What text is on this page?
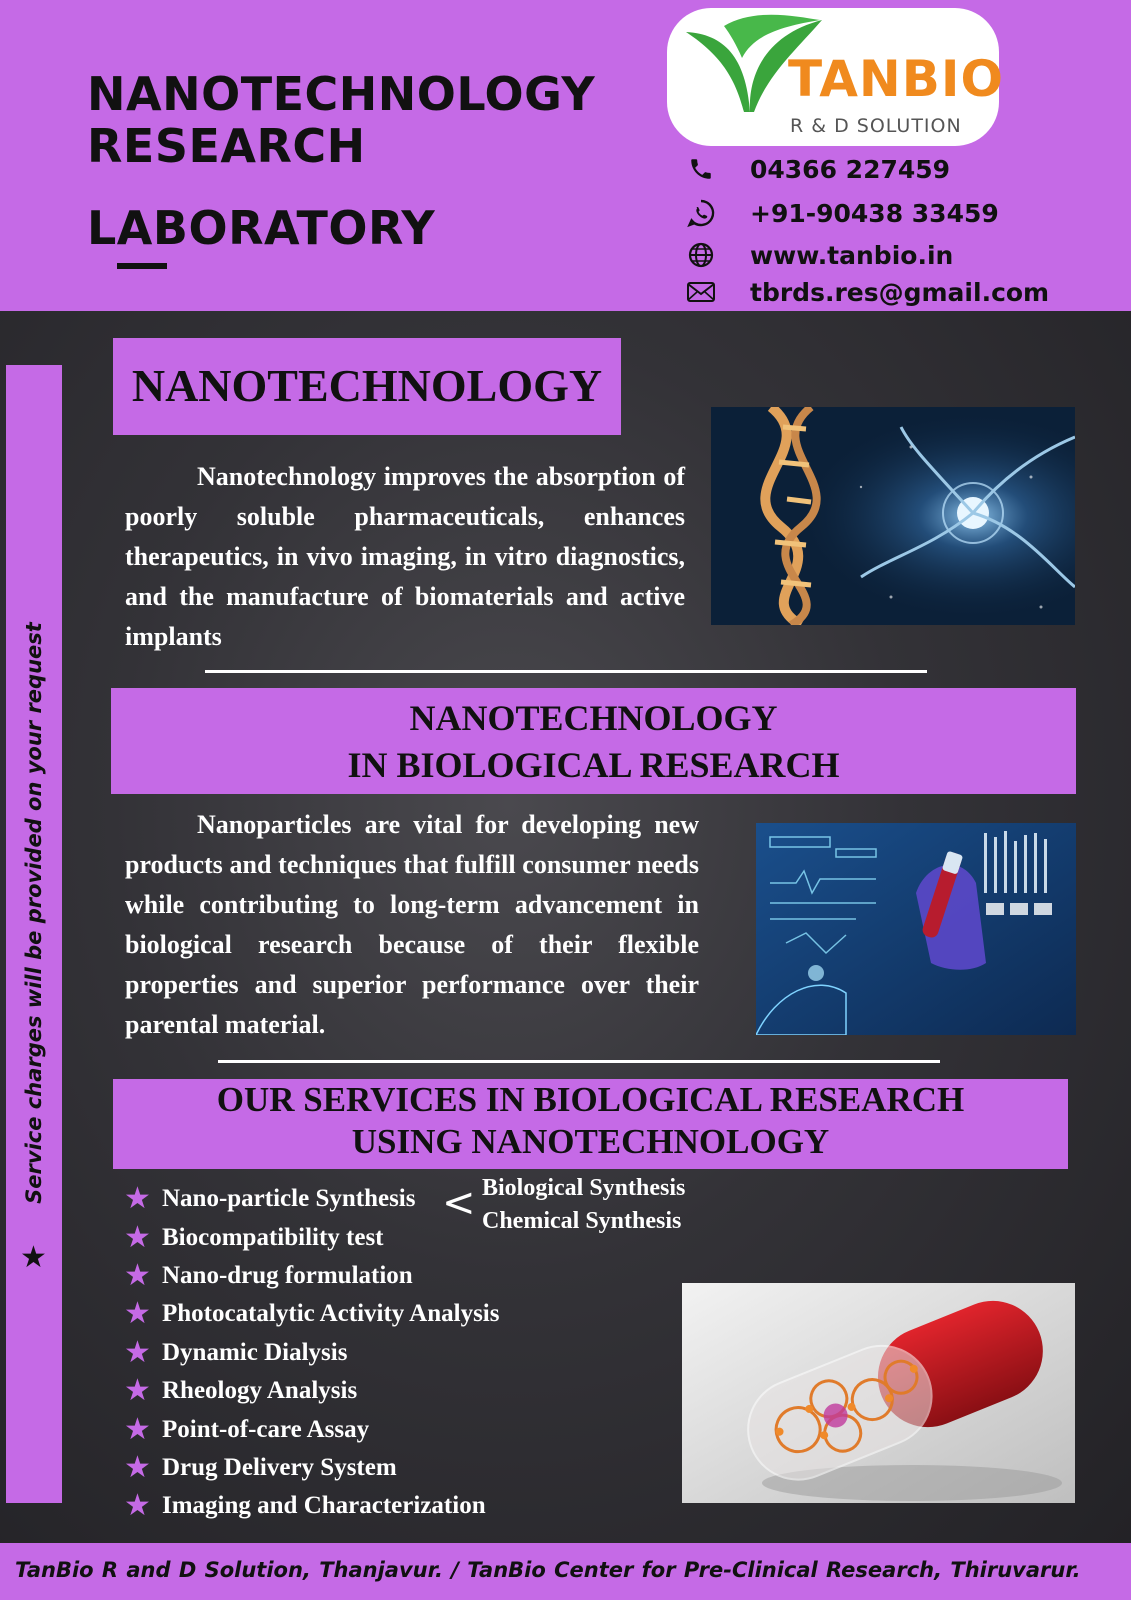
NANOTECHNOLOGY
RESEARCH
LABORATORY
TANBIO
R & D SOLUTION
04366 227459
+91-90438 33459
www.tanbio.in
tbrds.res@gmail.com
Service charges will be provided on your request
★
NANOTECHNOLOGY
Nanotechnology improves the absorption of poorly soluble pharmaceuticals, enhances therapeutics, in vivo imaging, in vitro diagnostics, and the manufacture of biomaterials and active implants
NANOTECHNOLOGY
IN BIOLOGICAL RESEARCH
Nanoparticles are vital for developing new products and techniques that fulfill consumer needs while contributing to long-term advancement in biological research because of their flexible properties and superior performance over their parental material.
OUR SERVICES IN BIOLOGICAL RESEARCH
USING NANOTECHNOLOGY
★ Nano-particle Synthesis
★ Biocompatibility test
★ Nano-drug formulation
★ Photocatalytic Activity Analysis
★ Dynamic Dialysis
★ Rheology Analysis
★ Point-of-care Assay
★ Drug Delivery System
★ Imaging and Characterization
< Biological Synthesis
Chemical Synthesis
TanBio R and D Solution, Thanjavur. / TanBio Center for Pre-Clinical Research, Thiruvarur.
